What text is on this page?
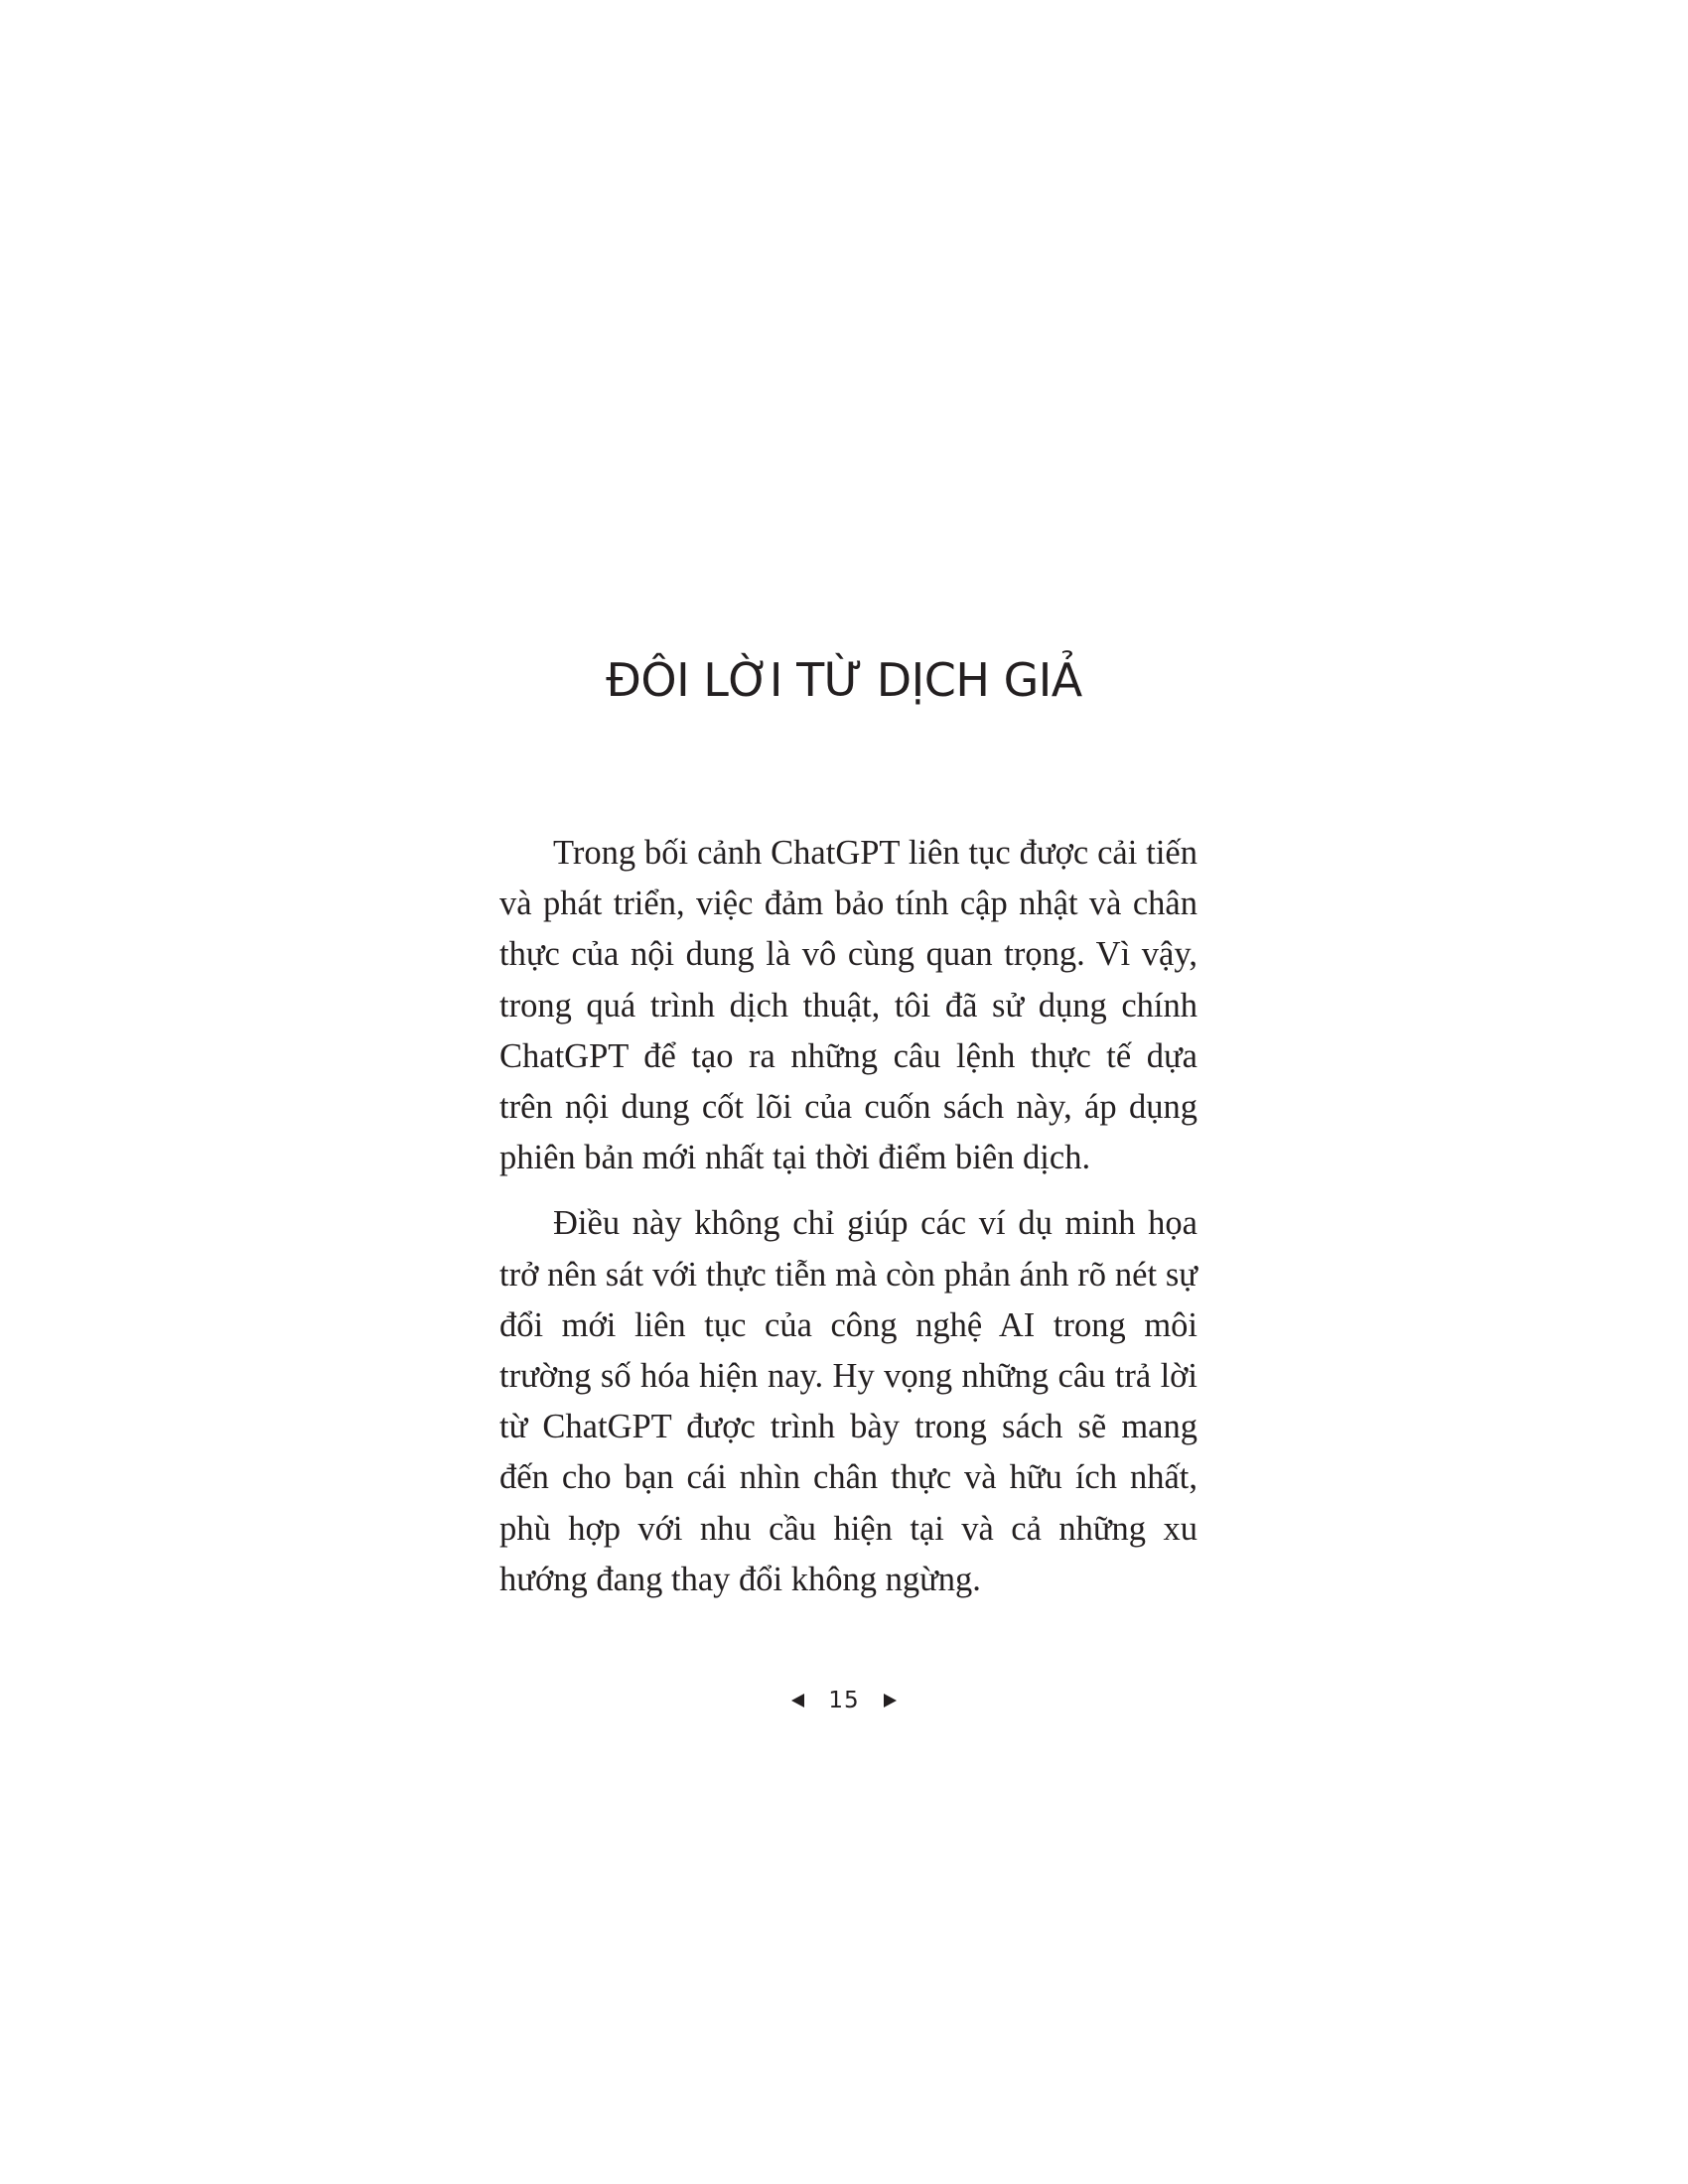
ĐÔI LỜI TỪ DỊCH GIẢ

Trong bối cảnh ChatGPT liên tục được cải tiến và phát triển, việc đảm bảo tính cập nhật và chân thực của nội dung là vô cùng quan trọng. Vì vậy, trong quá trình dịch thuật, tôi đã sử dụng chính ChatGPT để tạo ra những câu lệnh thực tế dựa trên nội dung cốt lõi của cuốn sách này, áp dụng phiên bản mới nhất tại thời điểm biên dịch.

Điều này không chỉ giúp các ví dụ minh họa trở nên sát với thực tiễn mà còn phản ánh rõ nét sự đổi mới liên tục của công nghệ AI trong môi trường số hóa hiện nay. Hy vọng những câu trả lời từ ChatGPT được trình bày trong sách sẽ mang đến cho bạn cái nhìn chân thực và hữu ích nhất, phù hợp với nhu cầu hiện tại và cả những xu hướng đang thay đổi không ngừng.

15
